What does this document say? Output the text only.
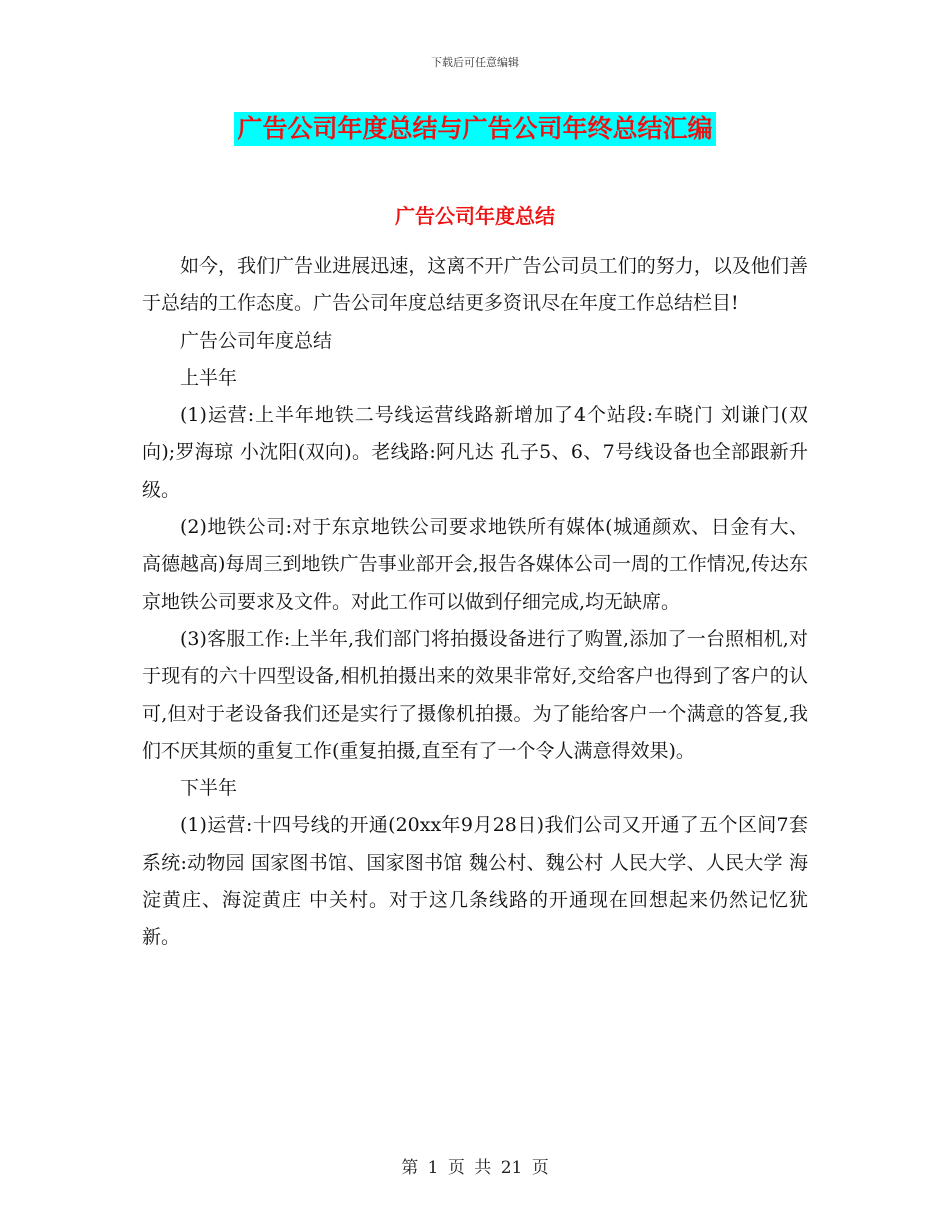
下载后可任意编辑
广告公司年度总结与广告公司年终总结汇编
广告公司年度总结

如今，我们广告业进展迅速，这离不开广告公司员工们的努力，以及他们善于总结的工作态度。广告公司年度总结更多资讯尽在年度工作总结栏目!

广告公司年度总结

上半年

(1)运营:上半年地铁二号线运营线路新增加了4个站段:车晓门 刘谦门(双向);罗海琼 小沈阳(双向)。老线路:阿凡达 孔子5、6、7号线设备也全部跟新升级。

(2)地铁公司:对于东京地铁公司要求地铁所有媒体(城通颜欢、日金有大、高德越高)每周三到地铁广告事业部开会,报告各媒体公司一周的工作情况,传达东京地铁公司要求及文件。对此工作可以做到仔细完成,均无缺席。

(3)客服工作:上半年,我们部门将拍摄设备进行了购置,添加了一台照相机,对于现有的六十四型设备,相机拍摄出来的效果非常好,交给客户也得到了客户的认可,但对于老设备我们还是实行了摄像机拍摄。为了能给客户一个满意的答复,我们不厌其烦的重复工作(重复拍摄,直至有了一个令人满意得效果)。

下半年

(1)运营:十四号线的开通(20xx年9月28日)我们公司又开通了五个区间7套系统:动物园 国家图书馆、国家图书馆 魏公村、魏公村 人民大学、人民大学 海淀黄庄、海淀黄庄 中关村。对于这几条线路的开通现在回想起来仍然记忆犹新。

第 1 页 共 21 页
